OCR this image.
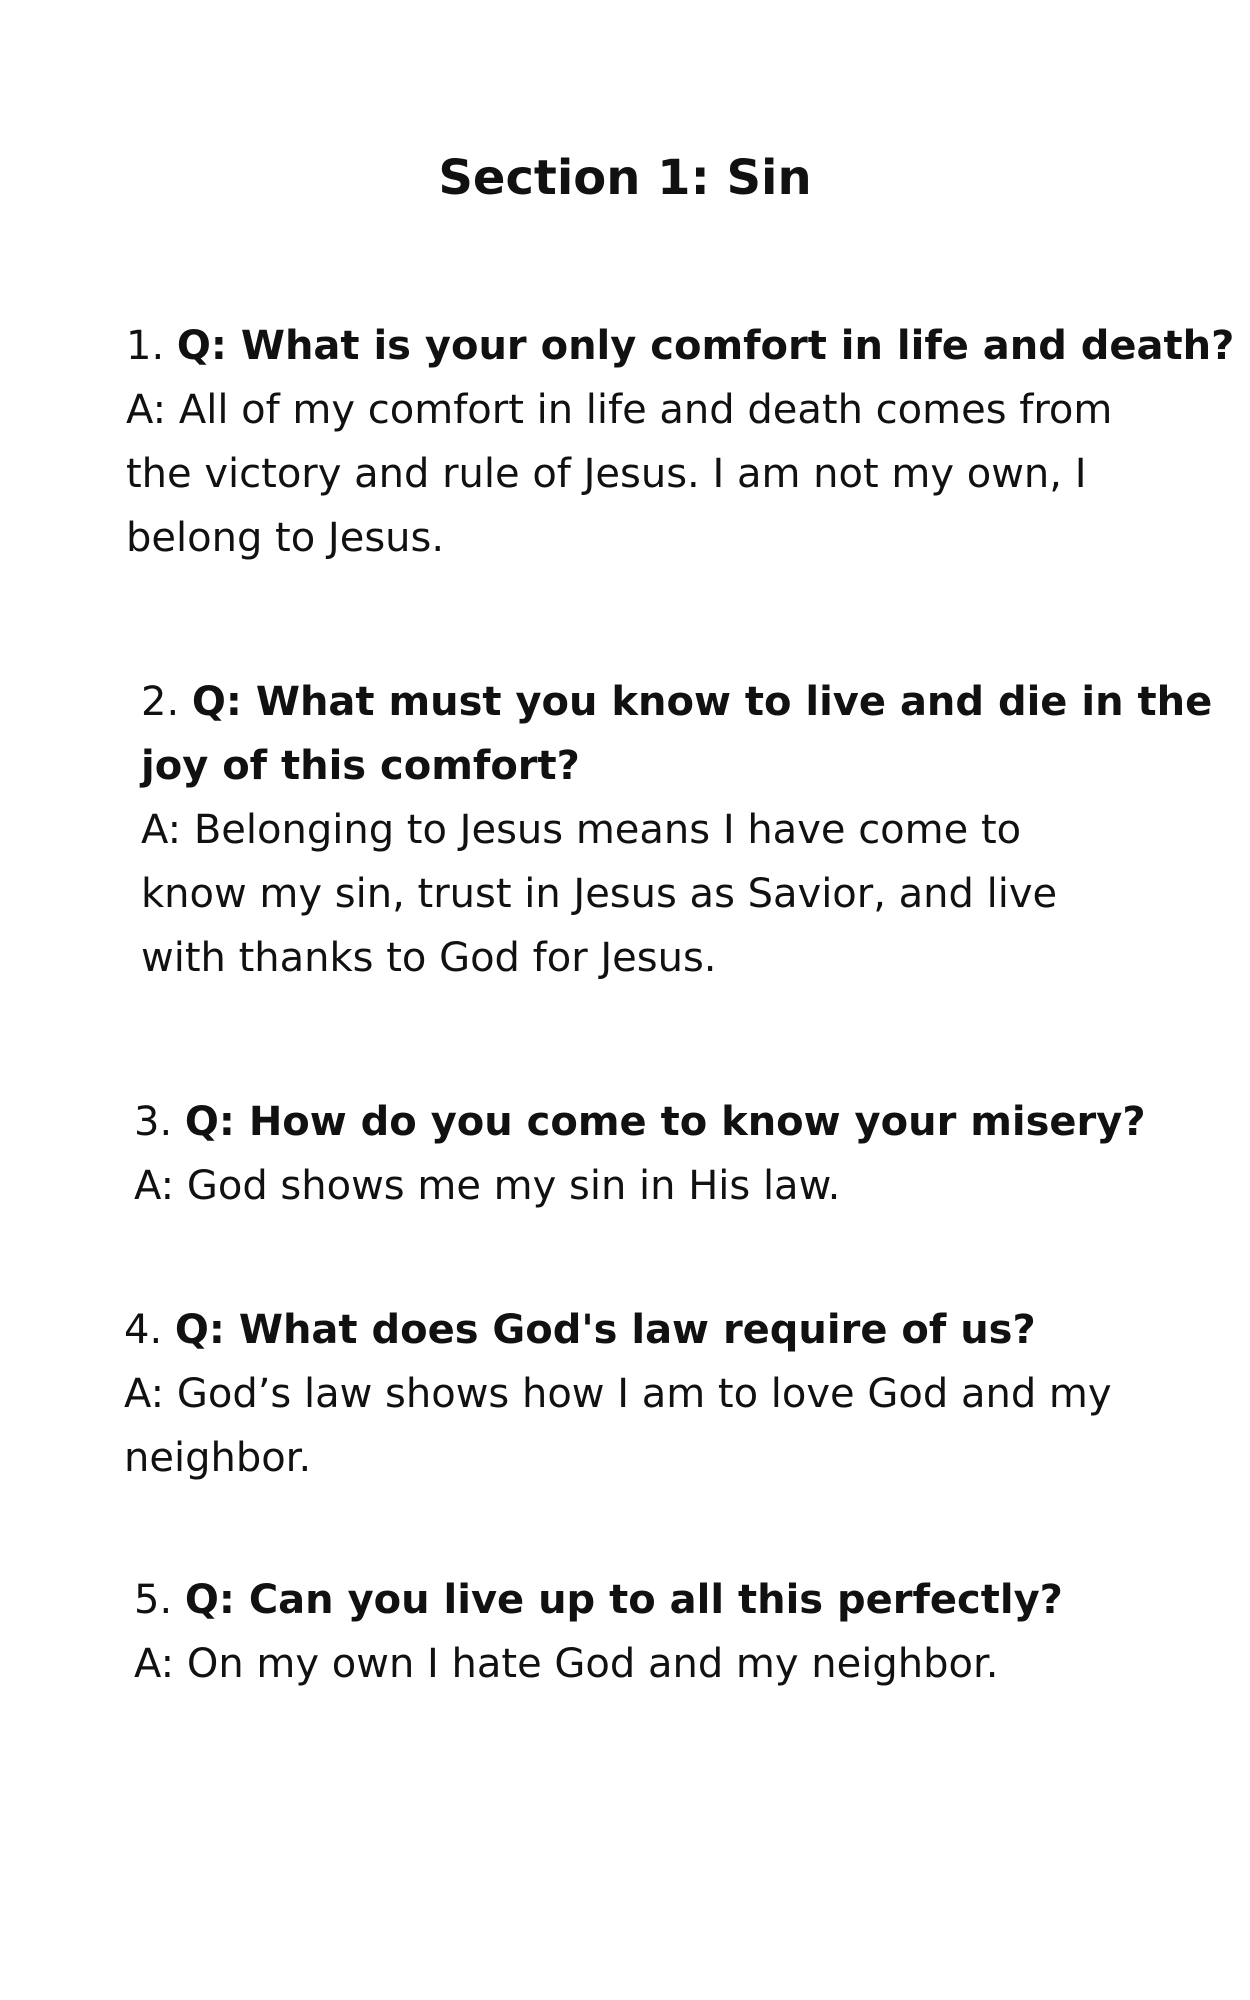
Section 1: Sin
1. Q: What is your only comfort in life and death?
A: All of my comfort in life and death comes from
the victory and rule of Jesus. I am not my own, I
belong to Jesus.
2. Q: What must you know to live and die in the
joy of this comfort?
A: Belonging to Jesus means I have come to
know my sin, trust in Jesus as Savior, and live
with thanks to God for Jesus.
3. Q: How do you come to know your misery?
A: God shows me my sin in His law.
4. Q: What does God's law require of us?
A: God’s law shows how I am to love God and my
neighbor.
5. Q: Can you live up to all this perfectly?
A: On my own I hate God and my neighbor.
